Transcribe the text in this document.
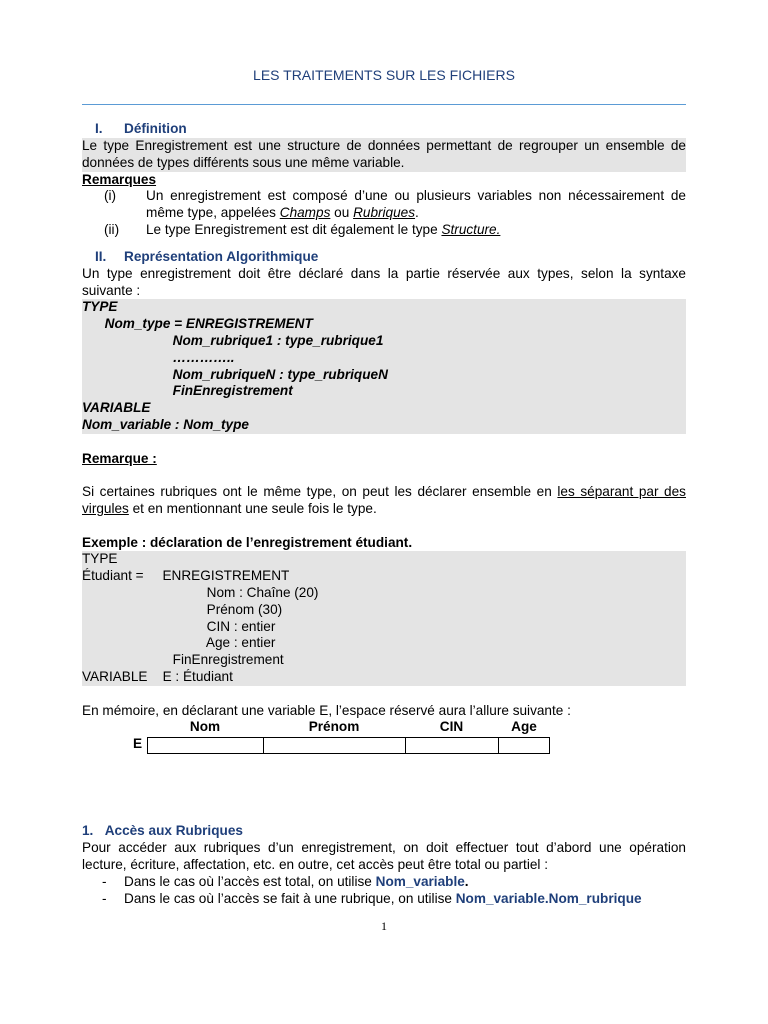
LES TRAITEMENTS SUR LES FICHIERS
I. Définition
Le type Enregistrement est une structure de données permettant de regrouper un ensemble de données de types différents sous une même variable.
Remarques
(i)	Un enregistrement est composé d’une ou plusieurs variables non nécessairement de même type, appelées Champs ou Rubriques.
(ii)	Le type Enregistrement est dit également le type Structure.
II. Représentation Algorithmique
Un type enregistrement doit être déclaré dans la partie réservée aux types, selon la syntaxe suivante :
TYPE
Nom_type = ENREGISTREMENT
Nom_rubrique1 : type_rubrique1
…………..
Nom_rubriqueN : type_rubriqueN
FinEnregistrement
VARIABLE
Nom_variable : Nom_type
Remarque :
Si certaines rubriques ont le même type, on peut les déclarer ensemble en les séparant par des virgules et en mentionnant une seule fois le type.
Exemple : déclaration de l’enregistrement étudiant.
TYPE
Étudiant =     ENREGISTREMENT
Nom : Chaîne (20)
Prénom (30)
CIN : entier
Age : entier
FinEnregistrement
VARIABLE    E : Étudiant
En mémoire, en déclarant une variable E, l’espace réservé aura l’allure suivante :
Nom	Prénom	CIN	Age
E
1. Accès aux Rubriques
Pour accéder aux rubriques d’un enregistrement, on doit effectuer tout d’abord une opération lecture, écriture, affectation, etc. en outre, cet accès peut être total ou partiel :
-	Dans le cas où l’accès est total, on utilise Nom_variable.
-	Dans le cas où l’accès se fait à une rubrique, on utilise Nom_variable.Nom_rubrique
1
